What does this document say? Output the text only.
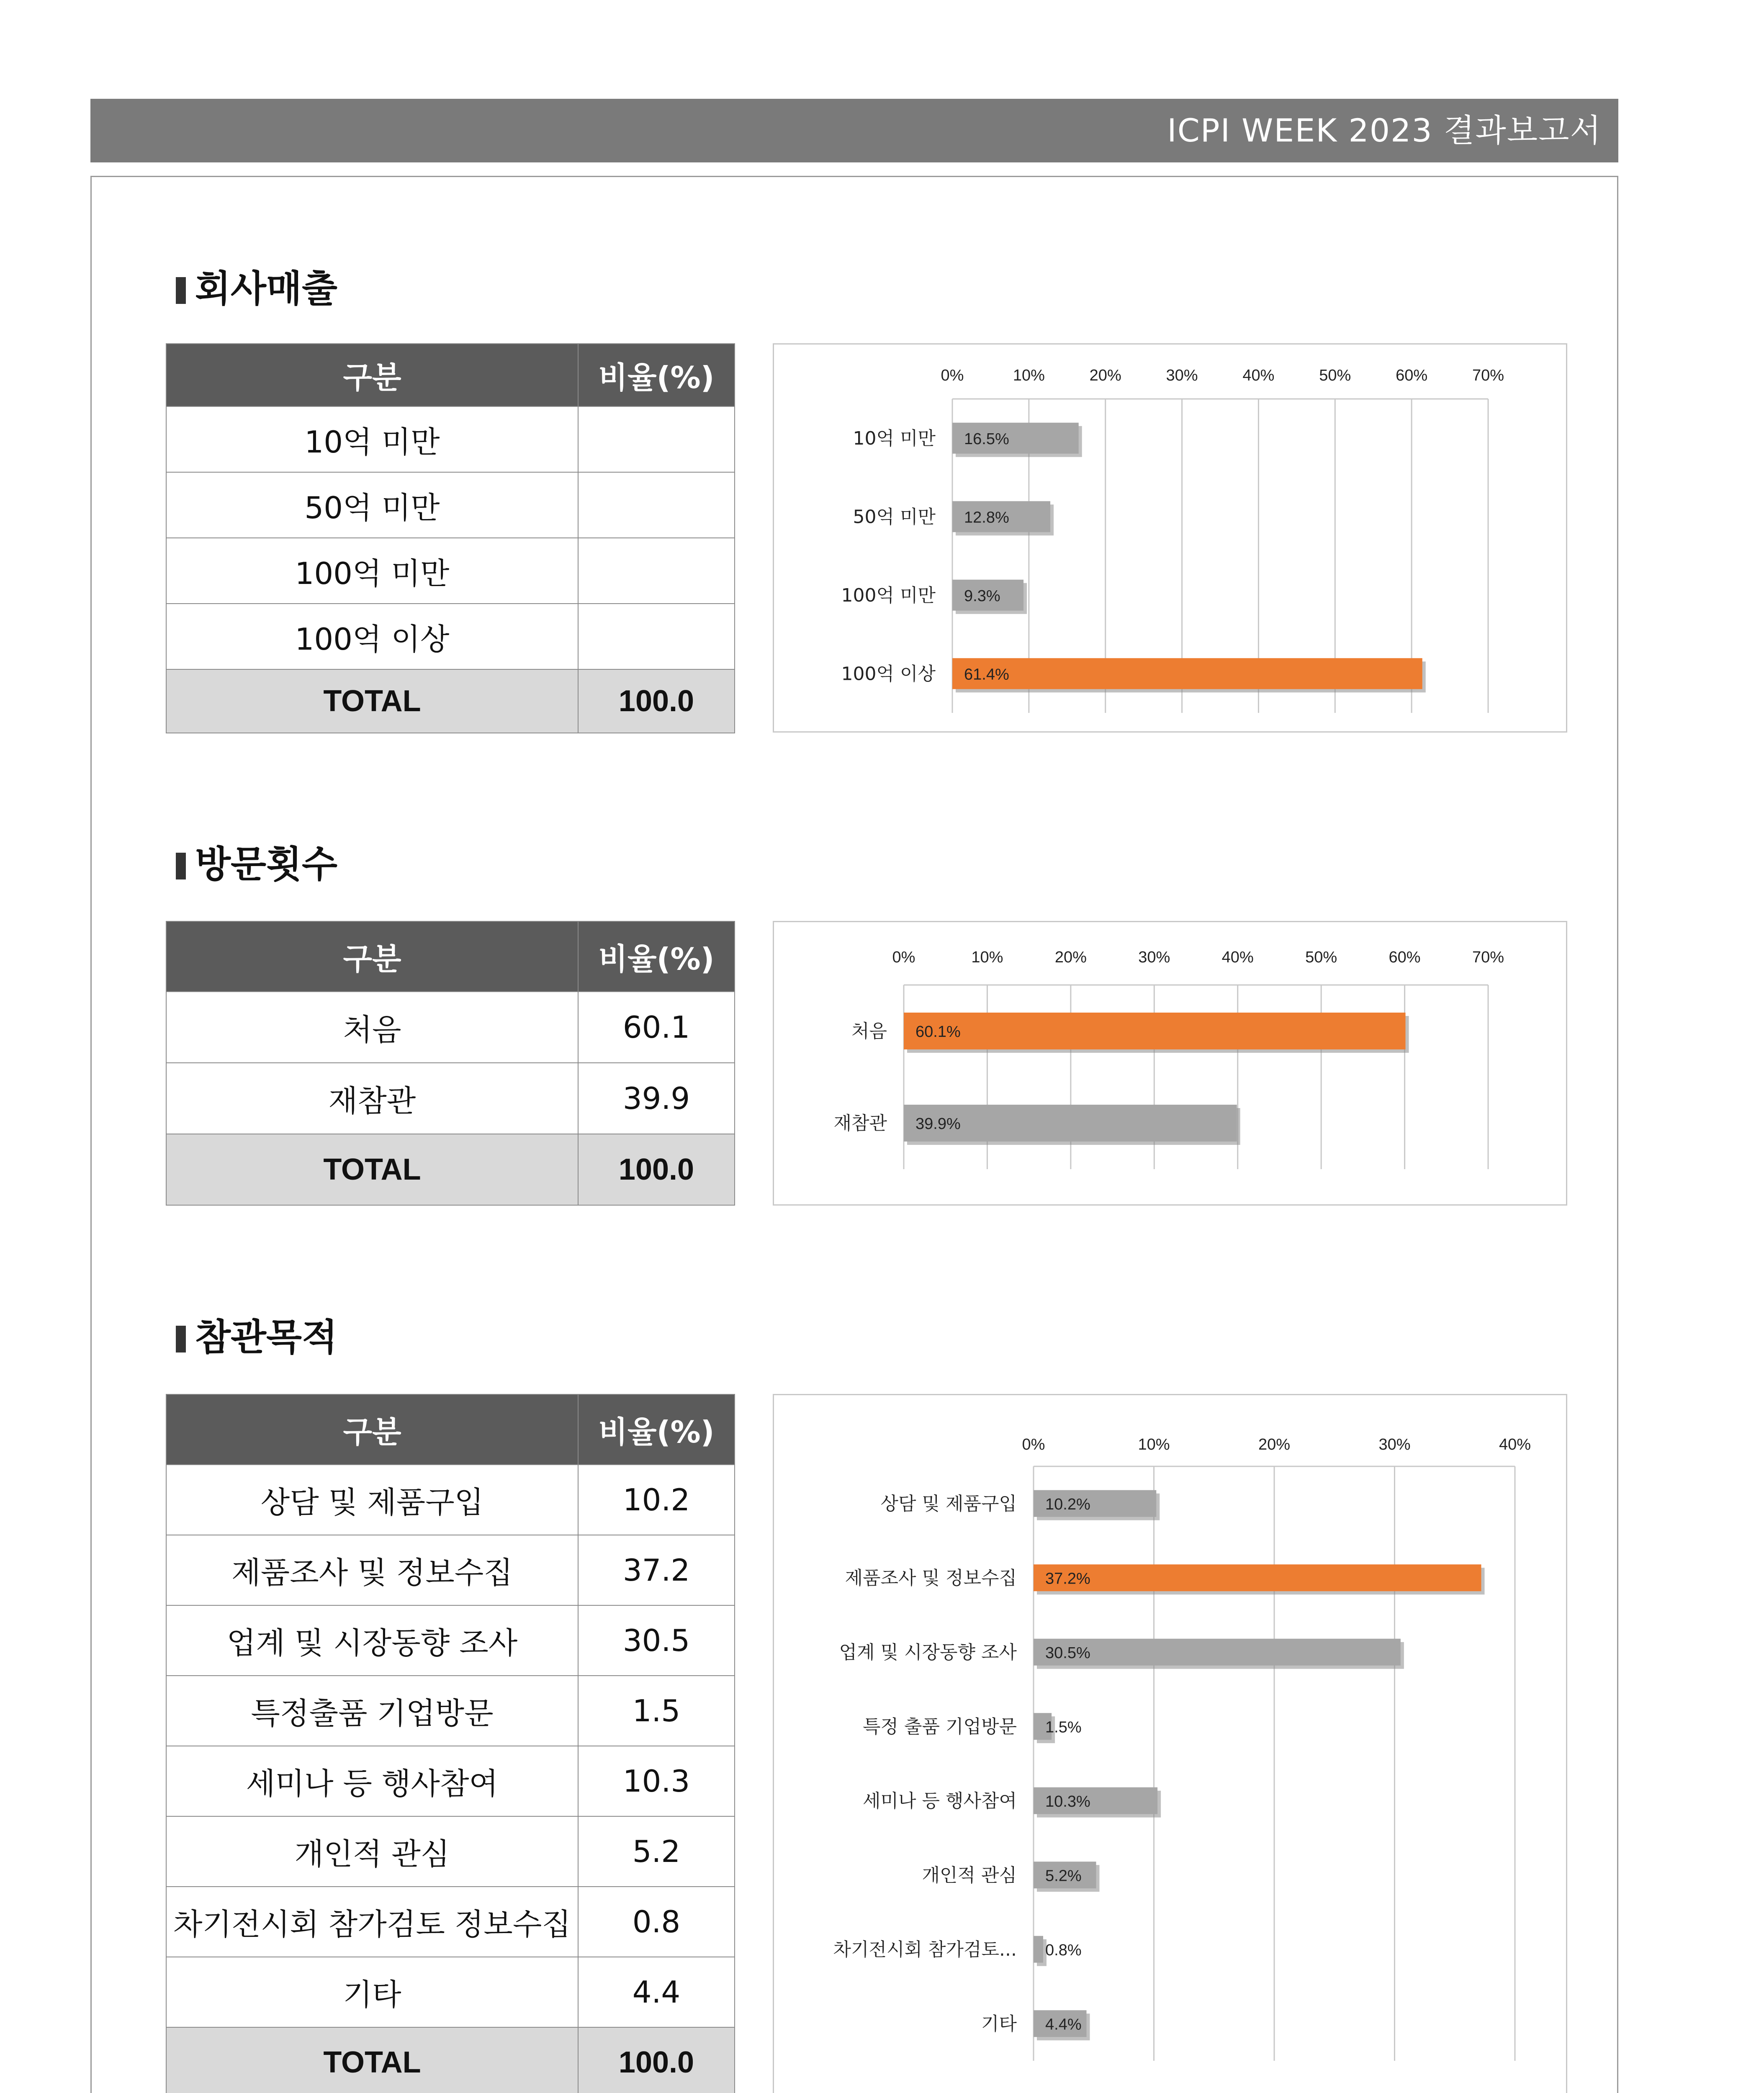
ICPI WEEK 2023 결과보고서
회사매출
구분	비율(%)
10억 미만	
50억 미만	
100억 미만	
100억 이상	
TOTAL	100.0
0%	10%	20%	30%	40%	50%	60%	70%
10억 미만 16.5%
50억 미만 12.8%
100억 미만 9.3%
100억 이상 61.4%
방문횟수
구분	비율(%)
처음	60.1
재참관	39.9
TOTAL	100.0
0%	10%	20%	30%	40%	50%	60%	70%
처음 60.1%
재참관 39.9%
참관목적
구분	비율(%)
상담 및 제품구입	10.2
제품조사 및 정보수집	37.2
업계 및 시장동향 조사	30.5
특정출품 기업방문	1.5
세미나 등 행사참여	10.3
개인적 관심	5.2
차기전시회 참가검토 정보수집	0.8
기타	4.4
TOTAL	100.0
0%	10%	20%	30%	40%
상담 및 제품구입 10.2%
제품조사 및 정보수집 37.2%
업계 및 시장동향 조사 30.5%
특정 출품 기업방문 1.5%
세미나 등 행사참여 10.3%
개인적 관심 5.2%
차기전시회 참가검토... 0.8%
기타 4.4%
